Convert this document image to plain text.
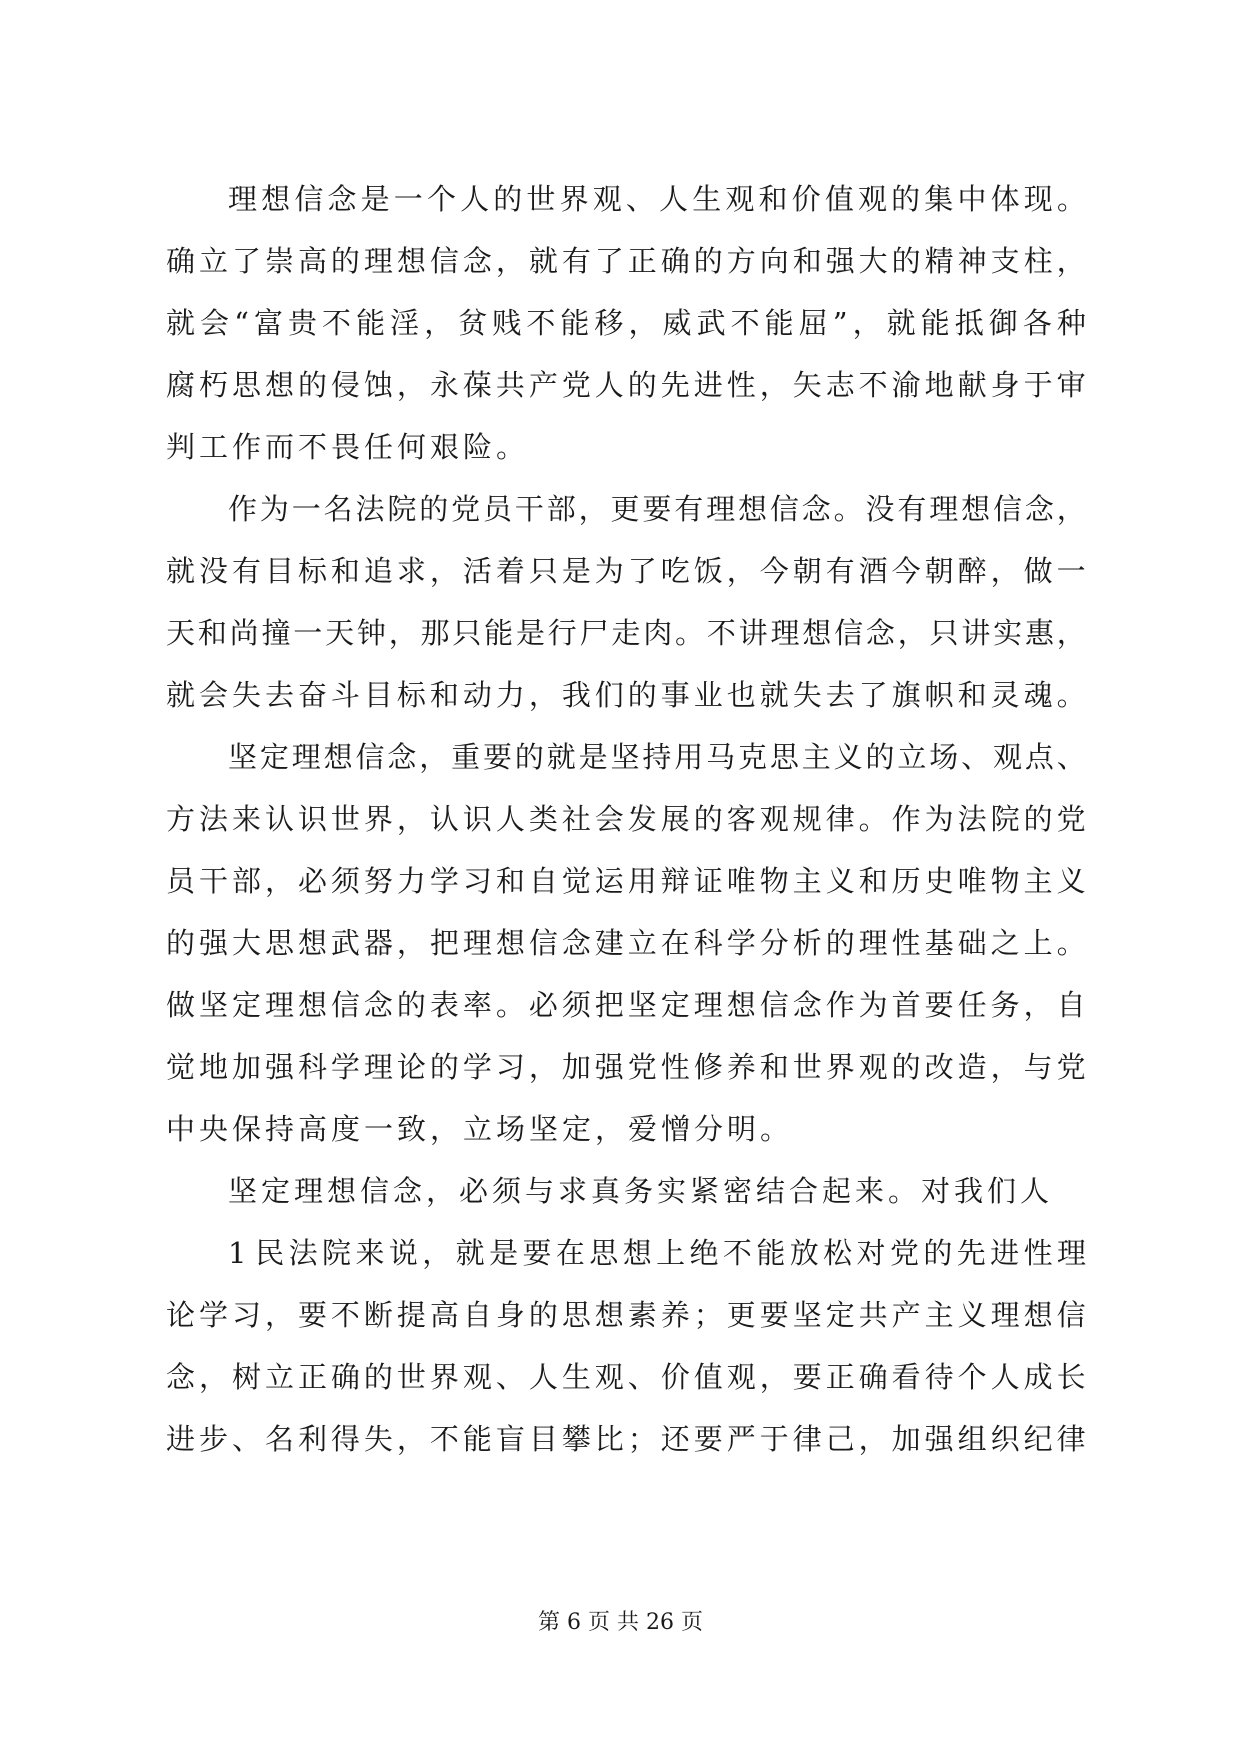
理 想 信 念 是 一 个 人 的 世 界 观 、 人 生 观 和 价 值 观 的 集 中 体 现 。

确 立 了 崇 高 的 理 想 信 念 ， 就 有 了 正 确 的 方 向 和 强 大 的 精 神 支 柱 ，

就 会 “ 富 贵 不 能 淫 ， 贫 贱 不 能 移 ， 威 武 不 能 屈 ” ， 就 能 抵 御 各 种

腐 朽 思 想 的 侵 蚀 ， 永 葆 共 产 党 人 的 先 进 性 ， 矢 志 不 渝 地 献 身 于 审

判工作而不畏任何艰险。

作 为 一 名 法 院 的 党 员 干 部 ， 更 要 有 理 想 信 念 。 没 有 理 想 信 念 ，

就 没 有 目 标 和 追 求 ， 活 着 只 是 为 了 吃 饭 ， 今 朝 有 酒 今 朝 醉 ， 做 一

天 和 尚 撞 一 天 钟 ， 那 只 能 是 行 尸 走 肉 。 不 讲 理 想 信 念 ， 只 讲 实 惠 ，

就 会 失 去 奋 斗 目 标 和 动 力 ， 我 们 的 事 业 也 就 失 去 了 旗 帜 和 灵 魂 。

坚 定 理 想 信 念 ， 重 要 的 就 是 坚 持 用 马 克 思 主 义 的 立 场 、 观 点 、

方 法 来 认 识 世 界 ， 认 识 人 类 社 会 发 展 的 客 观 规 律 。 作 为 法 院 的 党

员 干 部 ， 必 须 努 力 学 习 和 自 觉 运 用 辩 证 唯 物 主 义 和 历 史 唯 物 主 义

的 强 大 思 想 武 器 ， 把 理 想 信 念 建 立 在 科 学 分 析 的 理 性 基 础 之 上 。

做 坚 定 理 想 信 念 的 表 率 。 必 须 把 坚 定 理 想 信 念 作 为 首 要 任 务 ， 自

觉 地 加 强 科 学 理 论 的 学 习 ， 加 强 党 性 修 养 和 世 界 观 的 改 造 ， 与 党

中央保持高度一致，立场坚定，爱憎分明。

坚定理想信念，必须与求真务实紧密结合起来。对我们人

1 民 法 院 来 说 ， 就 是 要 在 思 想 上 绝 不 能 放 松 对 党 的 先 进 性 理

论 学 习 ， 要 不 断 提 高 自 身 的 思 想 素 养 ； 更 要 坚 定 共 产 主 义 理 想 信

念 ， 树 立 正 确 的 世 界 观 、 人 生 观 、 价 值 观 ， 要 正 确 看 待 个 人 成 长

进 步 、 名 利 得 失 ， 不 能 盲 目 攀 比 ； 还 要 严 于 律 己 ， 加 强 组 织 纪 律

第 6 页 共 26 页
